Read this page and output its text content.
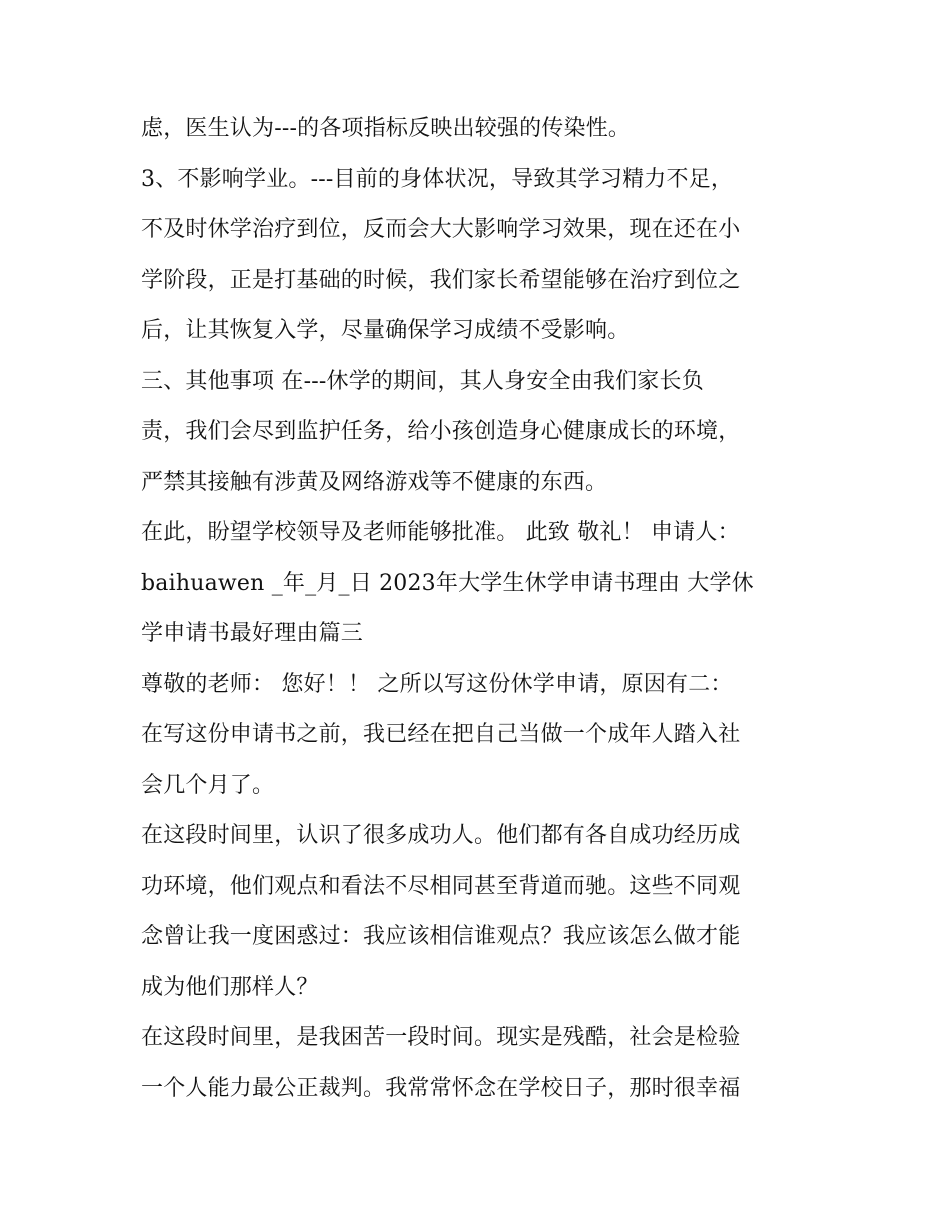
虑，医生认为---的各项指标反映出较强的传染性。

3、不影响学业。---目前的身体状况，导致其学习精力不足，
不及时休学治疗到位，反而会大大影响学习效果，现在还在小
学阶段，正是打基础的时候，我们家长希望能够在治疗到位之
后，让其恢复入学，尽量确保学习成绩不受影响。

三、其他事项 在---休学的期间，其人身安全由我们家长负
责，我们会尽到监护任务，给小孩创造身心健康成长的环境，
严禁其接触有涉黄及网络游戏等不健康的东西。

在此，盼望学校领导及老师能够批准。 此致 敬礼！ 申请人：
baihuawen _年_月_日 2023年大学生休学申请书理由 大学休
学申请书最好理由篇三

尊敬的老师： 您好！！ 之所以写这份休学申请，原因有二：
在写这份申请书之前，我已经在把自己当做一个成年人踏入社
会几个月了。

在这段时间里，认识了很多成功人。他们都有各自成功经历成
功环境，他们观点和看法不尽相同甚至背道而驰。这些不同观
念曾让我一度困惑过：我应该相信谁观点？我应该怎么做才能
成为他们那样人？

在这段时间里，是我困苦一段时间。现实是残酷，社会是检验
一个人能力最公正裁判。我常常怀念在学校日子，那时很幸福
